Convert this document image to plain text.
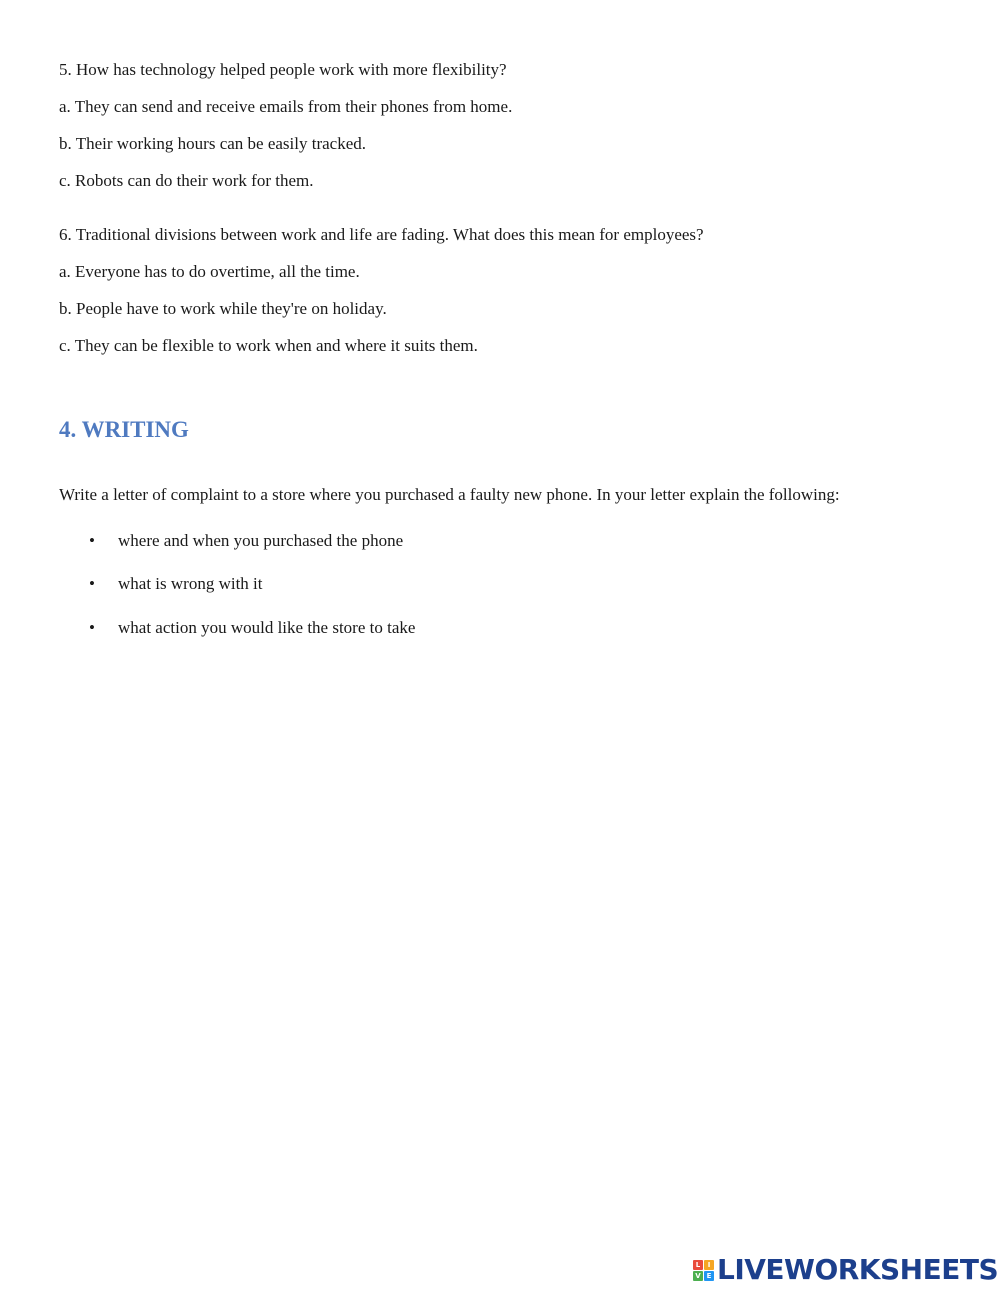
5. How has technology helped people work with more flexibility?
a. They can send and receive emails from their phones from home.
b. Their working hours can be easily tracked.
c. Robots can do their work for them.
6. Traditional divisions between work and life are fading. What does this mean for employees?
a. Everyone has to do overtime, all the time.
b. People have to work while they're on holiday.
c. They can be flexible to work when and where it suits them.
4. WRITING
Write a letter of complaint to a store where you purchased a faulty new phone. In your letter explain the following:
• where and when you purchased the phone
• what is wrong with it
• what action you would like the store to take
L	I
V E LIVEWORKSHEETS
